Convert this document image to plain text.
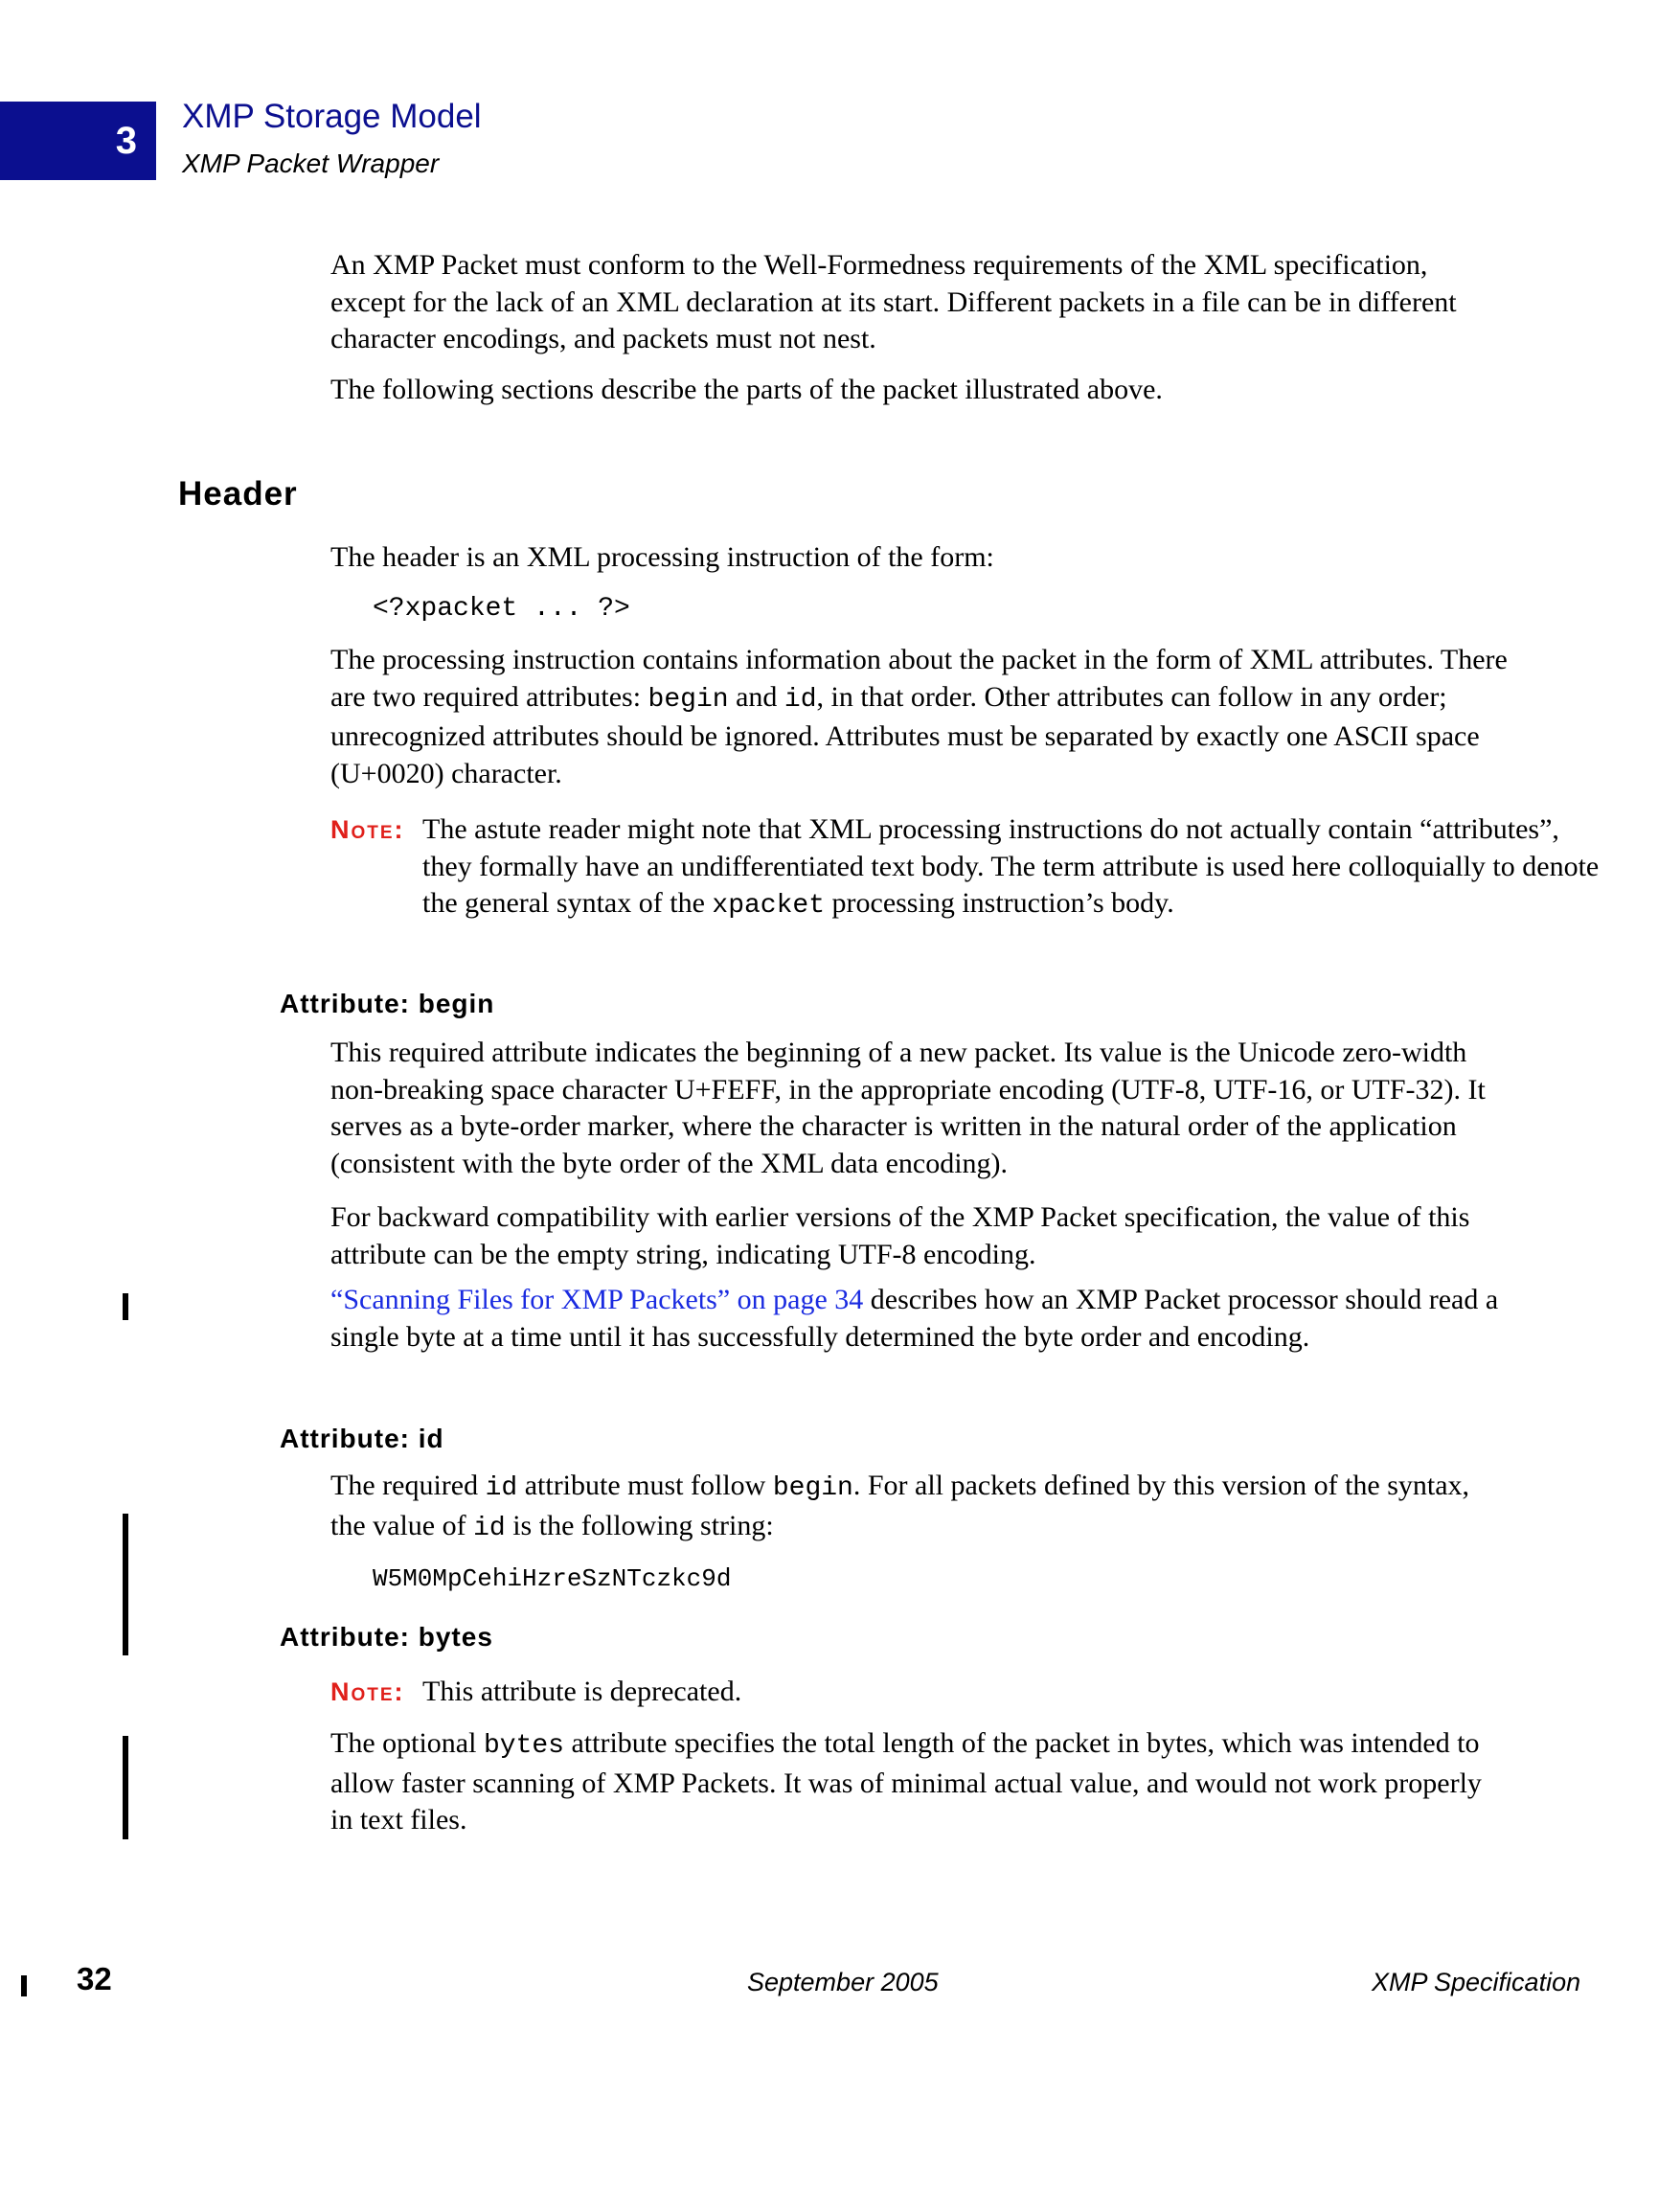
3
XMP Storage Model
XMP Packet Wrapper

An XMP Packet must conform to the Well-Formedness requirements of the XML specification, except for the lack of an XML declaration at its start. Different packets in a file can be in different character encodings, and packets must not nest.

The following sections describe the parts of the packet illustrated above.

Header

The header is an XML processing instruction of the form:

<?xpacket ... ?>

The processing instruction contains information about the packet in the form of XML attributes. There are two required attributes: begin and id, in that order. Other attributes can follow in any order; unrecognized attributes should be ignored. Attributes must be separated by exactly one ASCII space (U+0020) character.

Note: The astute reader might note that XML processing instructions do not actually contain “attributes”, they formally have an undifferentiated text body. The term attribute is used here colloquially to denote the general syntax of the xpacket processing instruction’s body.

Attribute: begin

This required attribute indicates the beginning of a new packet. Its value is the Unicode zero-width non-breaking space character U+FEFF, in the appropriate encoding (UTF-8, UTF-16, or UTF-32). It serves as a byte-order marker, where the character is written in the natural order of the application (consistent with the byte order of the XML data encoding).

For backward compatibility with earlier versions of the XMP Packet specification, the value of this attribute can be the empty string, indicating UTF-8 encoding.

“Scanning Files for XMP Packets” on page 34 describes how an XMP Packet processor should read a single byte at a time until it has successfully determined the byte order and encoding.

Attribute: id

The required id attribute must follow begin. For all packets defined by this version of the syntax, the value of id is the following string:

W5M0MpCehiHzreSzNTczkc9d
Attribute: bytes

Note: This attribute is deprecated.

The optional bytes attribute specifies the total length of the packet in bytes, which was intended to allow faster scanning of XMP Packets. It was of minimal actual value, and would not work properly in text files.

32	September 2005	XMP Specification
